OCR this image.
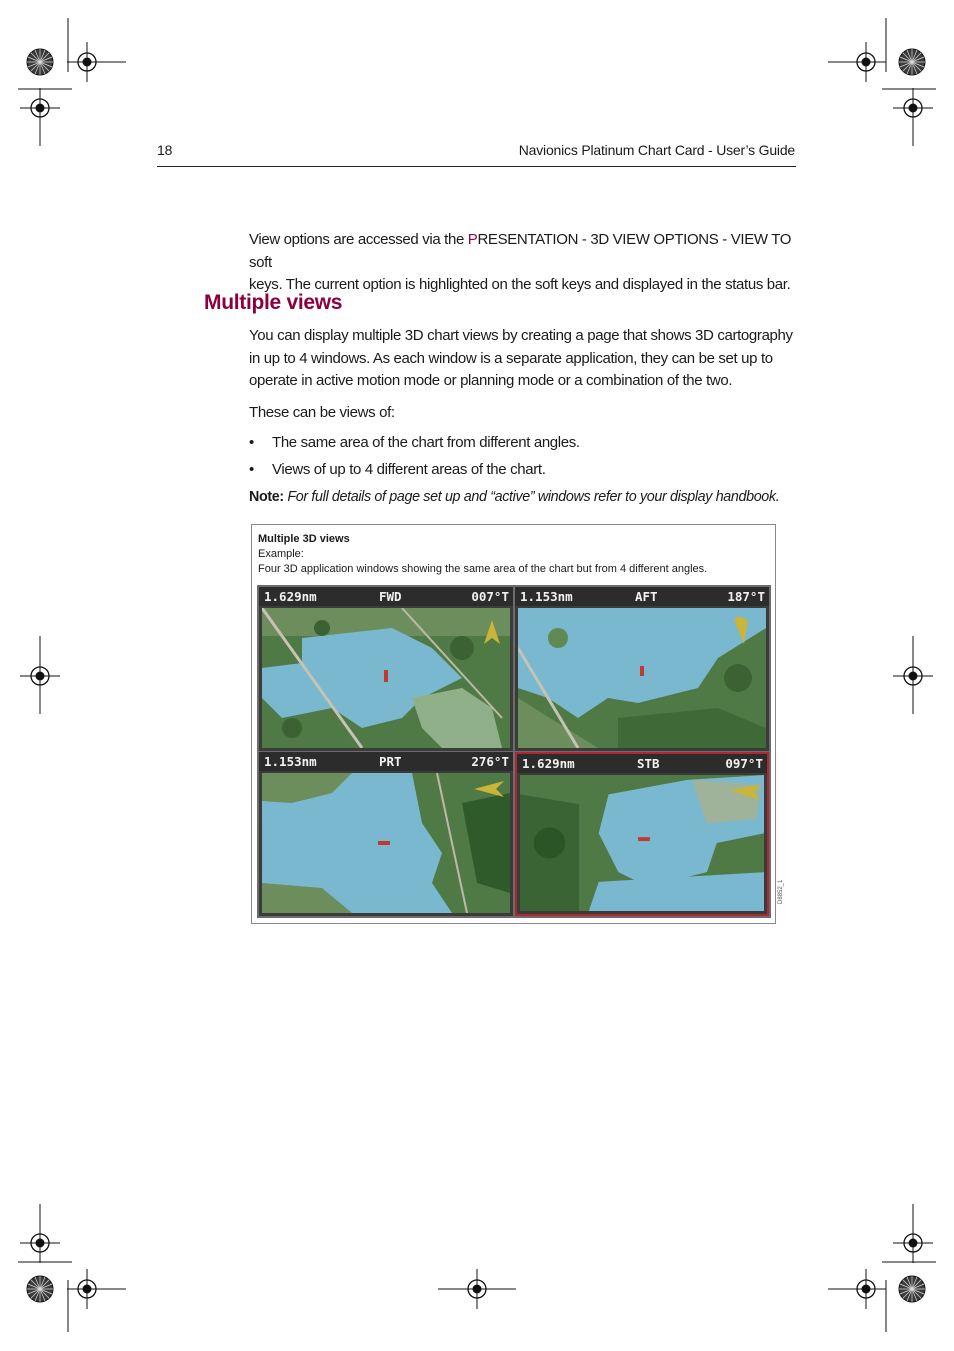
18	Navionics Platinum Chart Card - User’s Guide
View options are accessed via the PRESENTATION - 3D VIEW OPTIONS - VIEW TO soft
keys. The current option is highlighted on the soft keys and displayed in the status bar.
Multiple views
You can display multiple 3D chart views by creating a page that shows 3D cartography
in up to 4 windows. As each window is a separate application, they can be set up to
operate in active motion mode or planning mode or a combination of the two.
These can be views of:
• The same area of the chart from different angles.
• Views of up to 4 different areas of the chart.
Note: For full details of page set up and “active” windows refer to your display handbook.
Multiple 3D views
Example:
Four 3D application windows showing the same area of the chart but from 4 different angles.
1.629nm	FWD	007°T 1.153nm	AFT	187°T
1.153nm	PRT	276°T 1.629nm	STB	097°T
D8852_1
